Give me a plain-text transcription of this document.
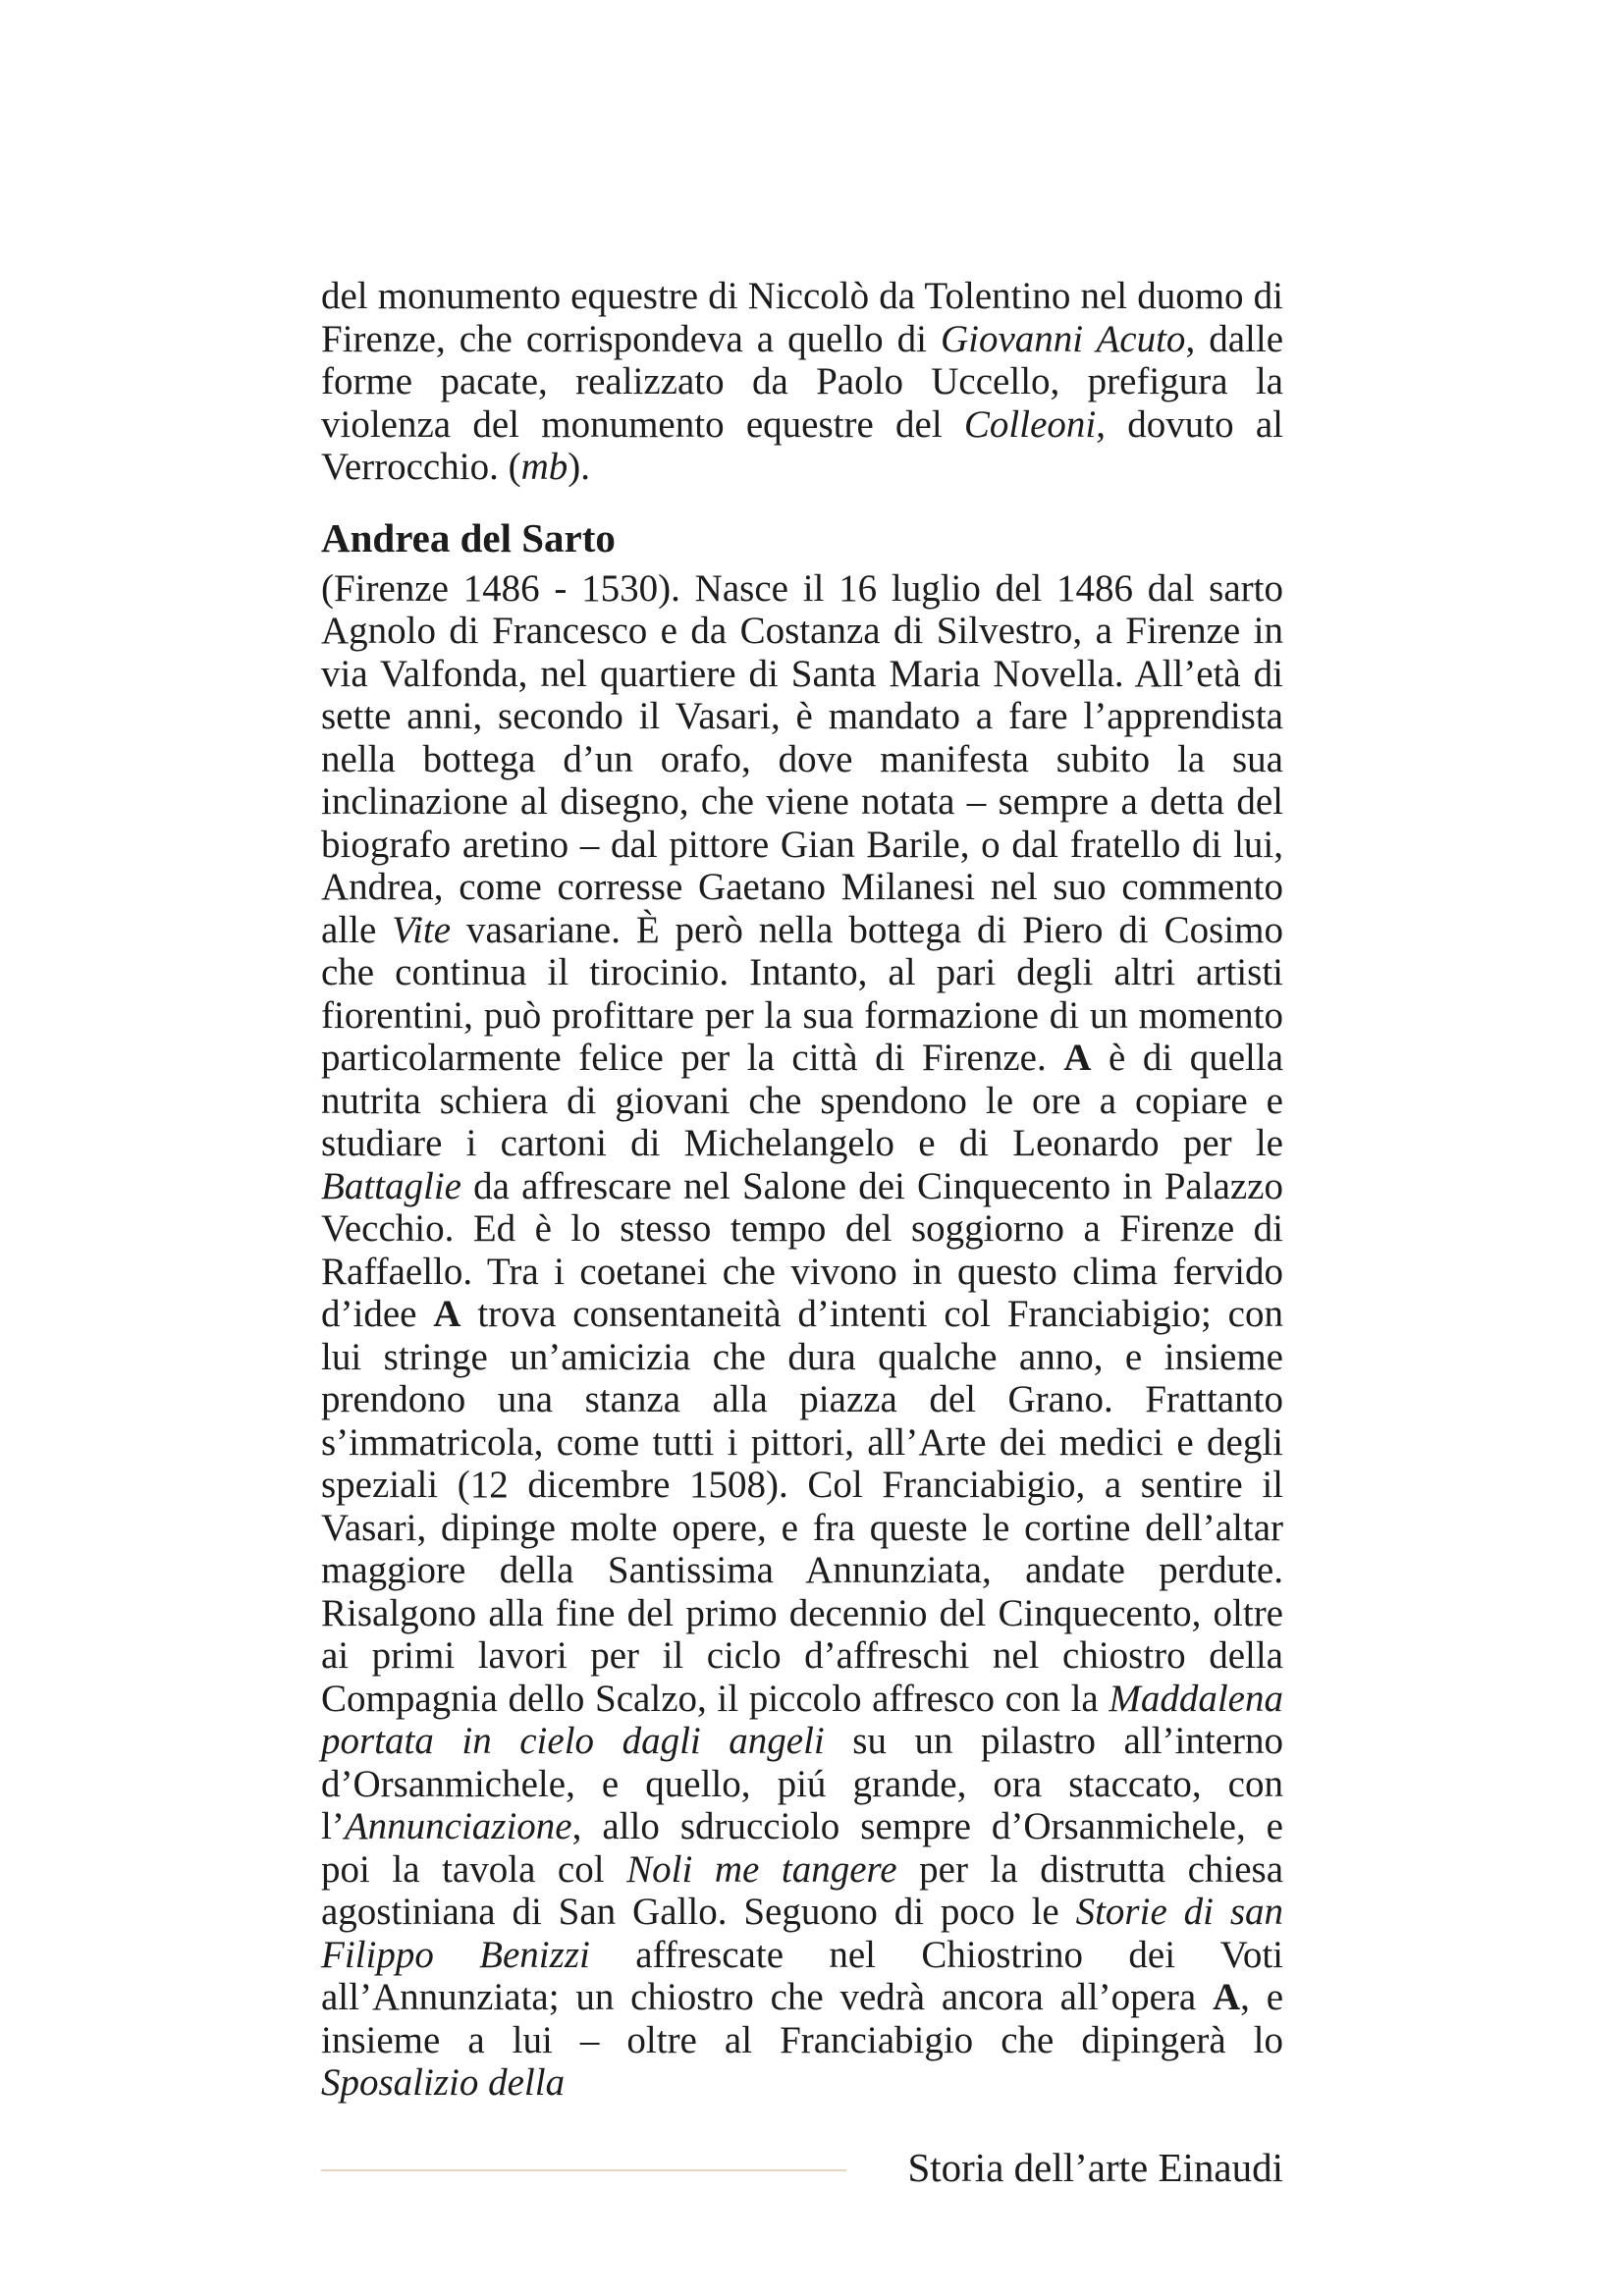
del monumento equestre di Niccolò da Tolentino nel duomo di Firenze, che corrispondeva a quello di Giovanni Acuto, dalle forme pacate, realizzato da Paolo Uccello, prefigura la violenza del monumento equestre del Colleoni, dovuto al Verrocchio. (mb).

Andrea del Sarto

(Firenze 1486 - 1530). Nasce il 16 luglio del 1486 dal sarto Agnolo di Francesco e da Costanza di Silvestro, a Firenze in via Valfonda, nel quartiere di Santa Maria Novella. All’età di sette anni, secondo il Vasari, è mandato a fare l’apprendista nella bottega d’un orafo, dove manifesta subito la sua inclinazione al disegno, che viene notata – sempre a detta del biografo aretino – dal pittore Gian Barile, o dal fratello di lui, Andrea, come corresse Gaetano Milanesi nel suo commento alle Vite vasariane. È però nella bottega di Piero di Cosimo che continua il tirocinio. Intanto, al pari degli altri artisti fiorentini, può profittare per la sua formazione di un momento particolarmente felice per la città di Firenze. A è di quella nutrita schiera di giovani che spendono le ore a copiare e studiare i cartoni di Michelangelo e di Leonardo per le Battaglie da affrescare nel Salone dei Cinquecento in Palazzo Vecchio. Ed è lo stesso tempo del soggiorno a Firenze di Raffaello. Tra i coetanei che vivono in questo clima fervido d’idee A trova consentaneità d’intenti col Franciabigio; con lui stringe un’amicizia che dura qualche anno, e insieme prendono una stanza alla piazza del Grano. Frattanto s’immatricola, come tutti i pittori, all’Arte dei medici e degli speziali (12 dicembre 1508). Col Franciabigio, a sentire il Vasari, dipinge molte opere, e fra queste le cortine dell’altar maggiore della Santissima Annunziata, andate perdute. Risalgono alla fine del primo decennio del Cinquecento, oltre ai primi lavori per il ciclo d’affreschi nel chiostro della Compagnia dello Scalzo, il piccolo affresco con la Maddalena portata in cielo dagli angeli su un pilastro all’interno d’Orsanmichele, e quello, piú grande, ora staccato, con l’Annunciazione, allo sdrucciolo sempre d’Orsanmichele, e poi la tavola col Noli me tangere per la distrutta chiesa agostiniana di San Gallo. Seguono di poco le Storie di san Filippo Benizzi affrescate nel Chiostrino dei Voti all’Annunziata; un chiostro che vedrà ancora all’opera A, e insieme a lui – oltre al Franciabigio che dipingerà lo Sposalizio della

Storia dell’arte Einaudi
